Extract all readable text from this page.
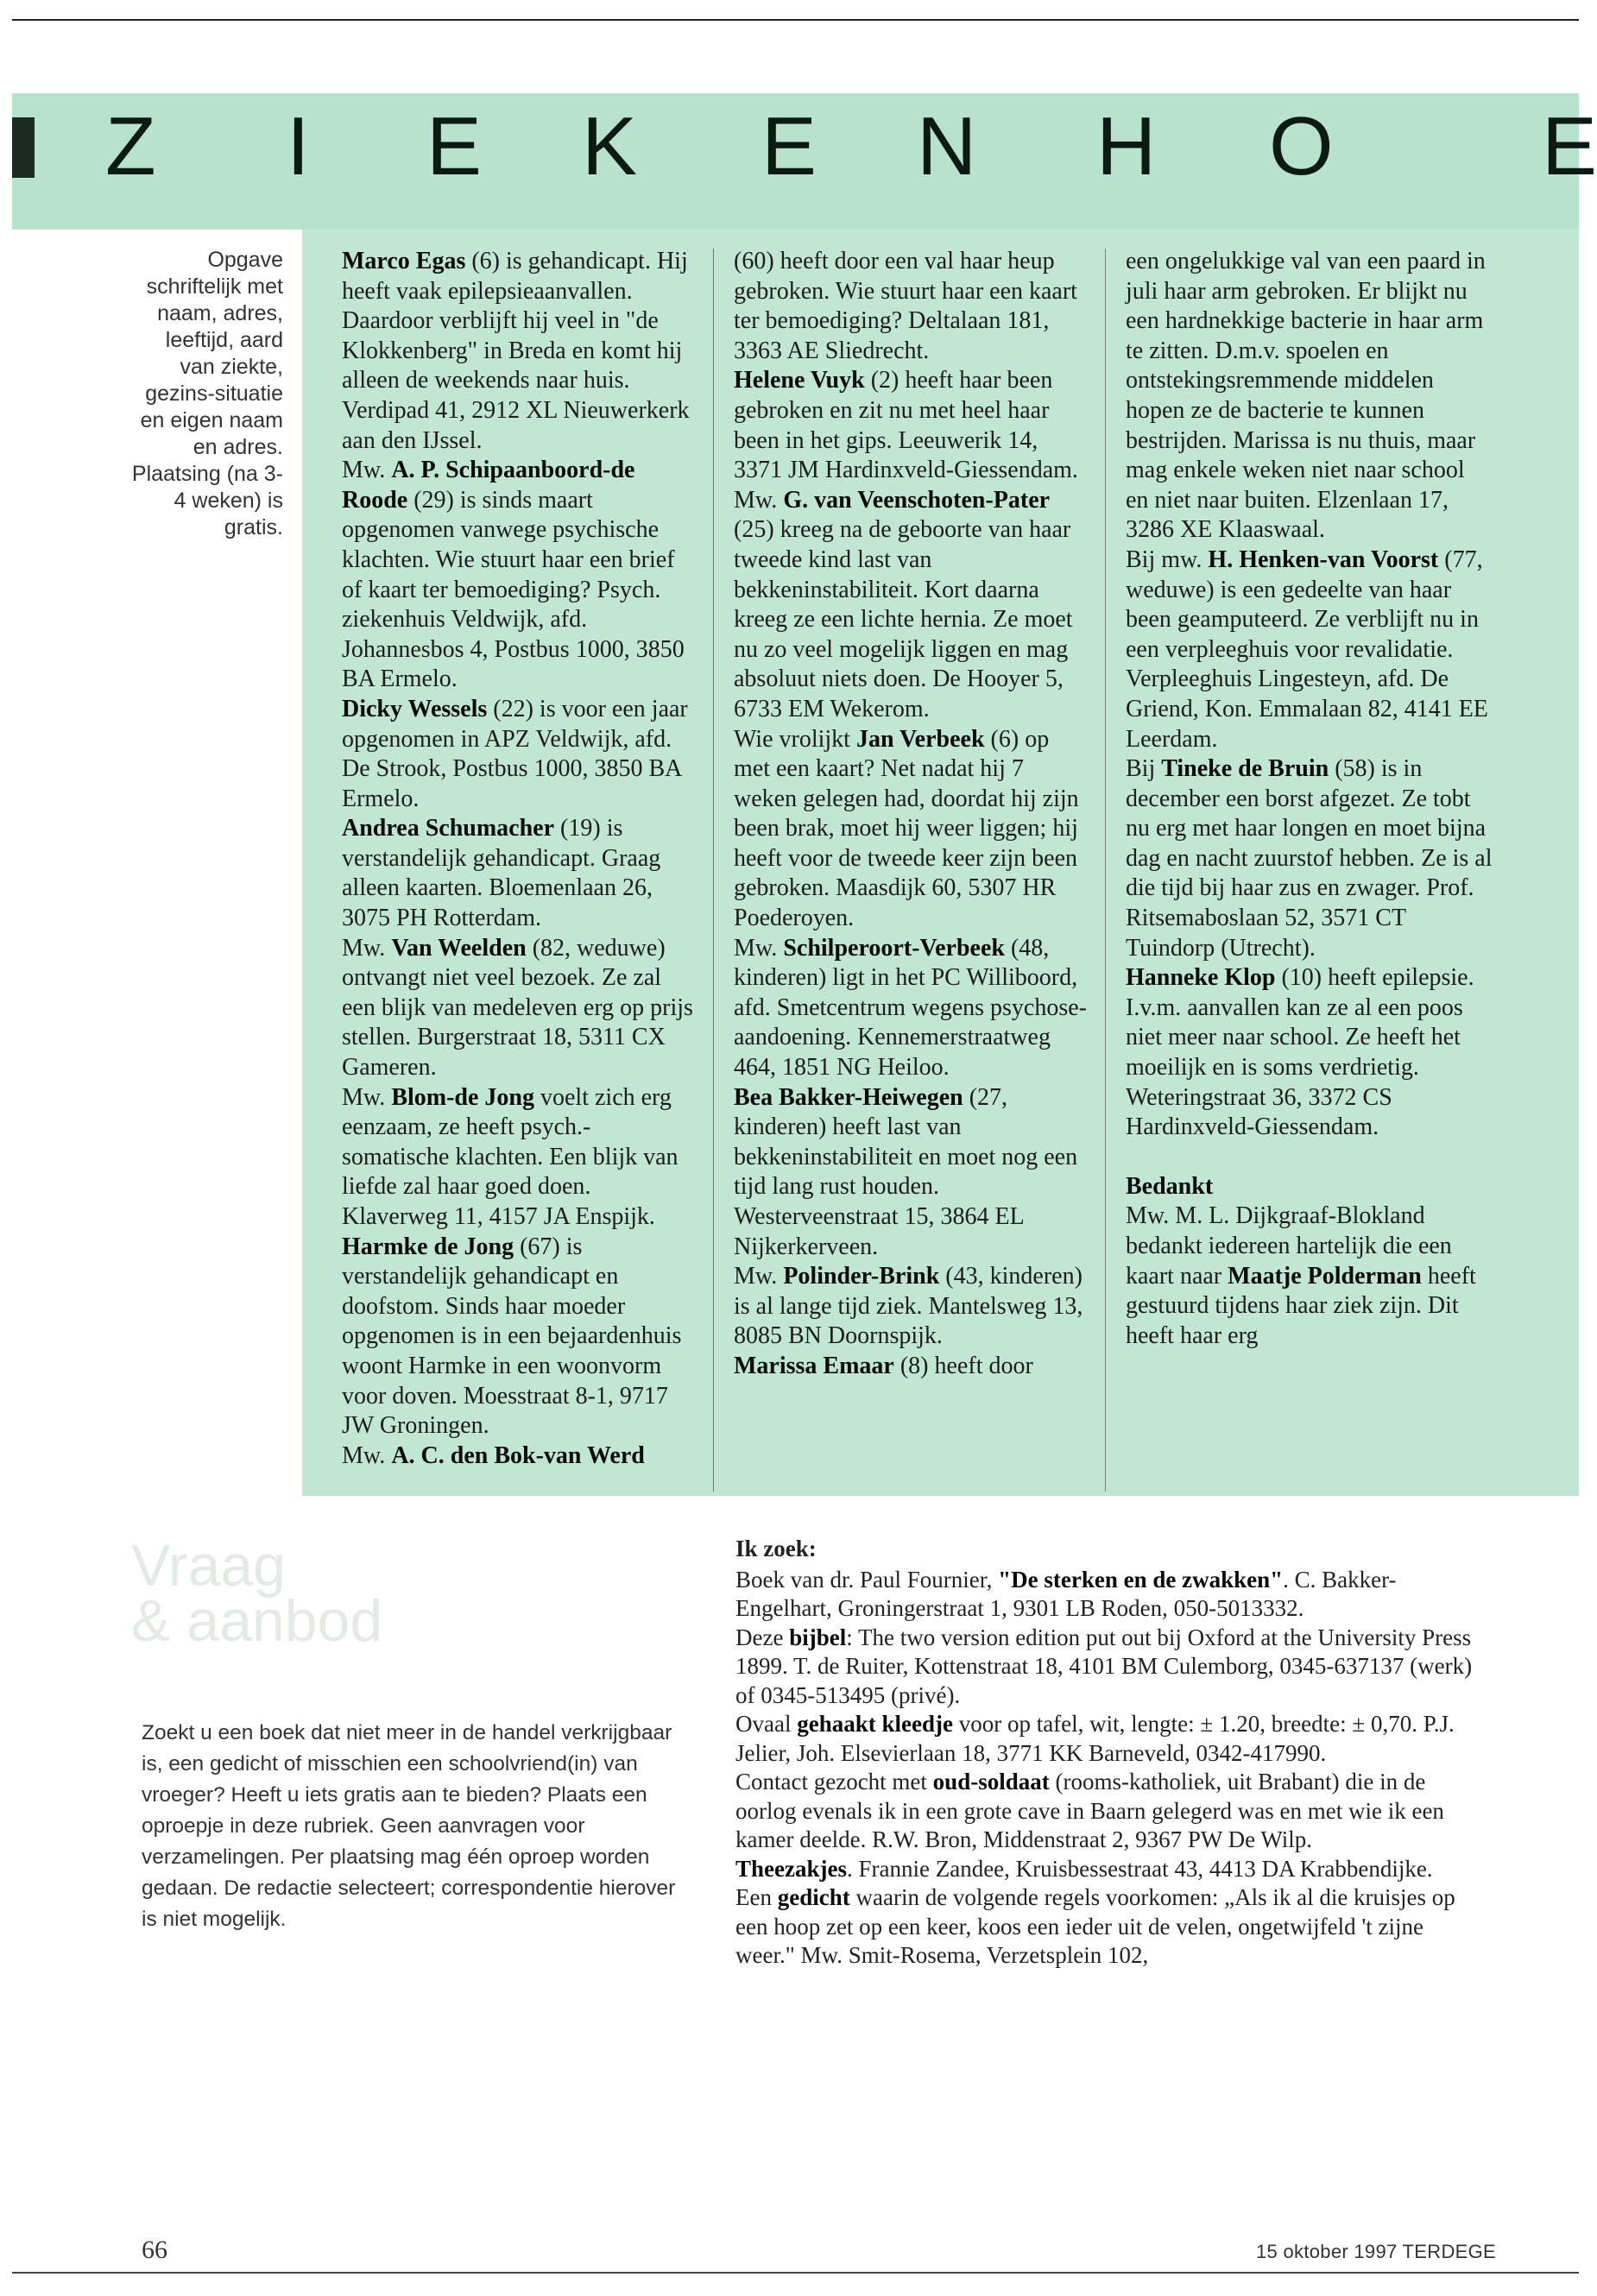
Z I E K E N H O	E
Opgave schriftelijk met naam, adres, leeftijd, aard van ziekte, gezins-situatie en eigen naam en adres. Plaatsing (na 3-4 weken) is gratis.

Marco Egas (6) is gehandicapt. Hij heeft vaak epilepsieaanvallen. Daardoor verblijft hij veel in "de Klokkenberg" in Breda en komt hij alleen de weekends naar huis. Verdipad 41, 2912 XL Nieuwerkerk aan den IJssel.

Mw. A. P. Schipaanboord-de Roode (29) is sinds maart opgenomen vanwege psychische klachten. Wie stuurt haar een brief of kaart ter bemoediging? Psych. ziekenhuis Veldwijk, afd. Johannesbos 4, Postbus 1000, 3850 BA Ermelo.

Dicky Wessels (22) is voor een jaar opgenomen in APZ Veldwijk, afd. De Strook, Postbus 1000, 3850 BA Ermelo.

Andrea Schumacher (19) is verstandelijk gehandicapt. Graag alleen kaarten. Bloemenlaan 26, 3075 PH Rotterdam.

Mw. Van Weelden (82, weduwe) ontvangt niet veel bezoek. Ze zal een blijk van medeleven erg op prijs stellen. Burgerstraat 18, 5311 CX Gameren.

Mw. Blom-de Jong voelt zich erg eenzaam, ze heeft psych.-somatische klachten. Een blijk van liefde zal haar goed doen. Klaverweg 11, 4157 JA Enspijk.

Harmke de Jong (67) is verstandelijk gehandicapt en doofstom. Sinds haar moeder opgenomen is in een bejaardenhuis woont Harmke in een woonvorm voor doven. Moesstraat 8-1, 9717 JW Groningen.

Mw. A. C. den Bok-van Werd

(60) heeft door een val haar heup gebroken. Wie stuurt haar een kaart ter bemoediging? Deltalaan 181, 3363 AE Sliedrecht.

Helene Vuyk (2) heeft haar been gebroken en zit nu met heel haar been in het gips. Leeuwerik 14, 3371 JM Hardinxveld-Giessendam.

Mw. G. van Veenschoten-Pater (25) kreeg na de geboorte van haar tweede kind last van bekkeninstabiliteit. Kort daarna kreeg ze een lichte hernia. Ze moet nu zo veel mogelijk liggen en mag absoluut niets doen. De Hooyer 5, 6733 EM Wekerom.

Wie vrolijkt Jan Verbeek (6) op met een kaart? Net nadat hij 7 weken gelegen had, doordat hij zijn been brak, moet hij weer liggen; hij heeft voor de tweede keer zijn been gebroken. Maasdijk 60, 5307 HR Poederoyen.

Mw. Schilperoort-Verbeek (48, kinderen) ligt in het PC Williboord, afd. Smetcentrum wegens psychose-aandoening. Kennemerstraatweg 464, 1851 NG Heiloo.

Bea Bakker-Heiwegen (27, kinderen) heeft last van bekkeninstabiliteit en moet nog een tijd lang rust houden. Westerveenstraat 15, 3864 EL Nijkerkerveen.

Mw. Polinder-Brink (43, kinderen) is al lange tijd ziek. Mantelsweg 13, 8085 BN Doornspijk.

Marissa Emaar (8) heeft door

een ongelukkige val van een paard in juli haar arm gebroken. Er blijkt nu een hardnekkige bacterie in haar arm te zitten. D.m.v. spoelen en ontstekingsremmende middelen hopen ze de bacterie te kunnen bestrijden. Marissa is nu thuis, maar mag enkele weken niet naar school en niet naar buiten. Elzenlaan 17, 3286 XE Klaaswaal.

Bij mw. H. Henken-van Voorst (77, weduwe) is een gedeelte van haar been geamputeerd. Ze verblijft nu in een verpleeghuis voor revalidatie. Verpleeghuis Lingesteyn, afd. De Griend, Kon. Emmalaan 82, 4141 EE Leerdam.

Bij Tineke de Bruin (58) is in december een borst afgezet. Ze tobt nu erg met haar longen en moet bijna dag en nacht zuurstof hebben. Ze is al die tijd bij haar zus en zwager. Prof. Ritsemaboslaan 52, 3571 CT Tuindorp (Utrecht).

Hanneke Klop (10) heeft epilepsie. I.v.m. aanvallen kan ze al een poos niet meer naar school. Ze heeft het moeilijk en is soms verdrietig. Weteringstraat 36, 3372 CS Hardinxveld-Giessendam.

Bedankt

Mw. M. L. Dijkgraaf-Blokland bedankt iedereen hartelijk die een kaart naar Maatje Polderman heeft gestuurd tijdens haar ziek zijn. Dit heeft haar erg

Vraag
& aanbod
Zoekt u een boek dat niet meer in de handel verkrijgbaar is, een gedicht of misschien een schoolvriend(in) van vroeger? Heeft u iets gratis aan te bieden? Plaats een oproepje in deze rubriek. Geen aanvragen voor verzamelingen. Per plaatsing mag één oproep worden gedaan. De redactie selecteert; correspondentie hierover is niet mogelijk.

Ik zoek:

Boek van dr. Paul Fournier, "De sterken en de zwakken". C. Bakker-Engelhart, Groningerstraat 1, 9301 LB Roden, 050-5013332.

Deze bijbel: The two version edition put out bij Oxford at the University Press 1899. T. de Ruiter, Kottenstraat 18, 4101 BM Culemborg, 0345-637137 (werk) of 0345-513495 (privé).

Ovaal gehaakt kleedje voor op tafel, wit, lengte: ± 1.20, breedte: ± 0,70. P.J. Jelier, Joh. Elsevierlaan 18, 3771 KK Barneveld, 0342-417990.

Contact gezocht met oud-soldaat (rooms-katholiek, uit Brabant) die in de oorlog evenals ik in een grote cave in Baarn gelegerd was en met wie ik een kamer deelde. R.W. Bron, Middenstraat 2, 9367 PW De Wilp.

Theezakjes. Frannie Zandee, Kruisbessestraat 43, 4413 DA Krabbendijke.

Een gedicht waarin de volgende regels voorkomen: „Als ik al die kruisjes op een hoop zet op een keer, koos een ieder uit de velen, ongetwijfeld 't zijne weer." Mw. Smit-Rosema, Verzetsplein 102,

66	15 oktober 1997 TERDEGE
